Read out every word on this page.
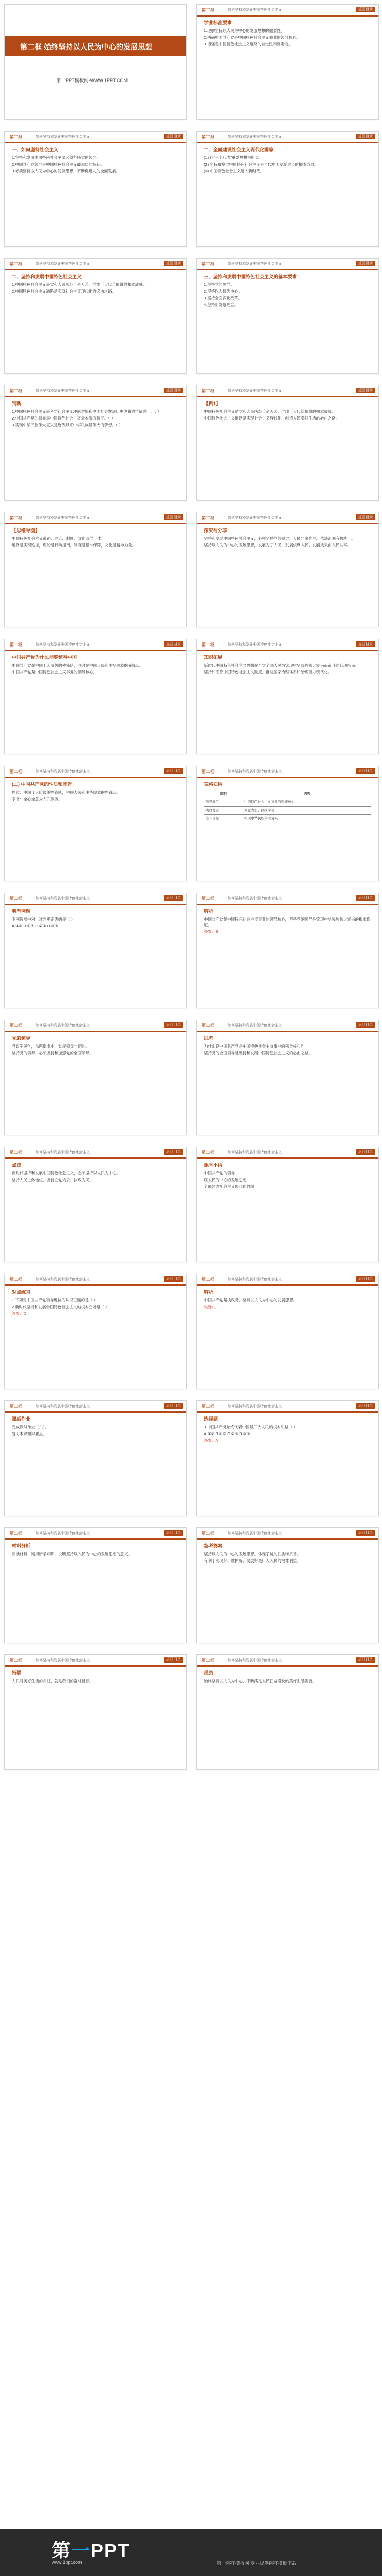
第二框 始终坚持以人民为中心的发展思想
第一PPT模板网-WWW.1PPT.COM
第二框	如何坚持和发展中国特色社会主义	返回目录
学业标准要求

1.理解坚持以人民为中心的发展思想的重要性。

2.明确中国共产党是中国特色社会主义事业的领导核心。

3.增强走中国特色社会主义道路的自觉性和坚定性。

第二框	如何坚持和发展中国特色社会主义	返回目录
一、如何坚持社会主义

1.坚持和发展中国特色社会主义必须坚持党的领导。

2.中国共产党领导是中国特色社会主义最本质的特征。

3.必须坚持以人民为中心的发展思想，不断促进人的全面发展。

第二框	如何坚持和发展中国特色社会主义	返回目录
二、全面建设社会主义现代化国家

(1) 以“三个代表”重要思想为指导。

(2) 坚持和发展中国特色社会主义是当代中国发展进步的根本方向。

(3) 中国特色社会主义进入新时代。

第二框	如何坚持和发展中国特色社会主义	返回目录
二、坚持和发展中国特色社会主义

1.中国特色社会主义是党和人民历经千辛万苦、付出巨大代价取得的根本成就。

2.中国特色社会主义道路是实现社会主义现代化的必由之路。

第二框	如何坚持和发展中国特色社会主义	返回目录
三、坚持和发展中国特色社会主义的基本要求

1.坚持党的领导。

2.坚持以人民为中心。

3.坚持全面深化改革。

4.坚持新发展理念。

第二框	如何坚持和发展中国特色社会主义	返回目录
判断

1.中国特色社会主义是科学社会主义理论逻辑和中国社会发展历史逻辑的辩证统一。（ ）

2.中国共产党的领导是中国特色社会主义最本质的特征。（ ）

3.实现中华民族伟大复兴是近代以来中华民族最伟大的梦想。（ ）

第二框	如何坚持和发展中国特色社会主义	返回目录
【例1】

中国特色社会主义是党和人民历经千辛万苦、付出巨大代价取得的根本成就。

中国特色社会主义道路是实现社会主义现代化、创造人民美好生活的必由之路。

第二框	如何坚持和发展中国特色社会主义	返回目录
【思维导图】

中国特色社会主义道路、理论、制度、文化四位一体。

道路是实现途径，理论是行动指南，制度是根本保障，文化是精神力量。

第二框	如何坚持和发展中国特色社会主义	返回目录
探究与分享

坚持和发展中国特色社会主义，必须坚持党的领导、人民当家作主、依法治国有机统一。

坚持以人民为中心的发展思想，发展为了人民、发展依靠人民、发展成果由人民共享。

第二框	如何坚持和发展中国特色社会主义	返回目录
中国共产党为什么能够领导中国

中国共产党是中国工人阶级的先锋队，同时是中国人民和中华民族的先锋队。

中国共产党是中国特色社会主义事业的领导核心。

第二框	如何坚持和发展中国特色社会主义	返回目录
知识拓展

新时代中国特色社会主义思想是全党全国人民为实现中华民族伟大复兴而奋斗的行动指南。

坚持和完善中国特色社会主义制度，推进国家治理体系和治理能力现代化。

第二框	如何坚持和发展中国特色社会主义	返回目录
(二) 中国共产党的性质和宗旨

性质：中国工人阶级的先锋队，中国人民和中华民族的先锋队。

宗旨：全心全意为人民服务。

第二框	如何坚持和发展中国特色社会主义	返回目录
表格归纳
项目	内容
领导地位	中国特色社会主义事业的领导核心
执政理念	立党为公、执政为民
奋斗目标	实现中华民族伟大复兴
第二框	如何坚持和发展中国特色社会主义	返回目录
典型例题

下列选项中对上述判断正确的是（ ）

A.①② B.①④ C.②③ D.③④

第二框	如何坚持和发展中国特色社会主义	返回目录
解析

中国共产党是中国特色社会主义事业的领导核心，坚持党的领导是实现中华民族伟大复兴的根本保证。

答案：B

第二框	如何坚持和发展中国特色社会主义	返回目录
党的领导

党政军民学，东西南北中，党是领导一切的。

坚持党的领导，必须坚持和加强党的全面领导。

第二框	如何坚持和发展中国特色社会主义	返回目录
思考

为什么说中国共产党是中国特色社会主义事业的领导核心？

坚持党的全面领导是坚持和发展中国特色社会主义的必由之路。

第二框	如何坚持和发展中国特色社会主义	返回目录
点拨

新时代坚持和发展中国特色社会主义，必须坚持以人民为中心。

坚持人民主体地位，坚持立党为公、执政为民。

第二框	如何坚持和发展中国特色社会主义	返回目录
课堂小结

中国共产党的领导

以人民为中心的发展思想

全面建成社会主义现代化强国

第二框	如何坚持和发展中国特色社会主义	返回目录
对点练习

1.下列对中国共产党领导地位的认识正确的是（ ）

2.新时代坚持和发展中国特色社会主义的根本立场是（ ）

答案：D

第二框	如何坚持和发展中国特色社会主义	返回目录
解析

中国共产党是执政党，坚持以人民为中心的发展思想。

故选D。

第二框	如何坚持和发展中国特色社会主义	返回目录
课后作业

完成课时作业（六）。

复习本课知识要点。

第二框	如何坚持和发展中国特色社会主义	返回目录
选择题

3.中国共产党始终代表中国最广大人民的根本利益（ ）

A.①② B.①③ C.②④ D.③④

答案：A

第二框	如何坚持和发展中国特色社会主义	返回目录
材料分析

阅读材料，运用所学知识，说明坚持以人民为中心的发展思想的意义。

第二框	如何坚持和发展中国特色社会主义	返回目录
参考答案

坚持以人民为中心的发展思想，体现了党的性质和宗旨。

有利于实现好、维护好、发展好最广大人民的根本利益。

第二框	如何坚持和发展中国特色社会主义	返回目录
拓展

人民对美好生活的向往，就是我们的奋斗目标。

第二框	如何坚持和发展中国特色社会主义	返回目录
总结

始终坚持以人民为中心，不断满足人民日益增长的美好生活需要。

第一PPT
www.1ppt.com	第一PPT模板网 专业提供PPT模板下载
